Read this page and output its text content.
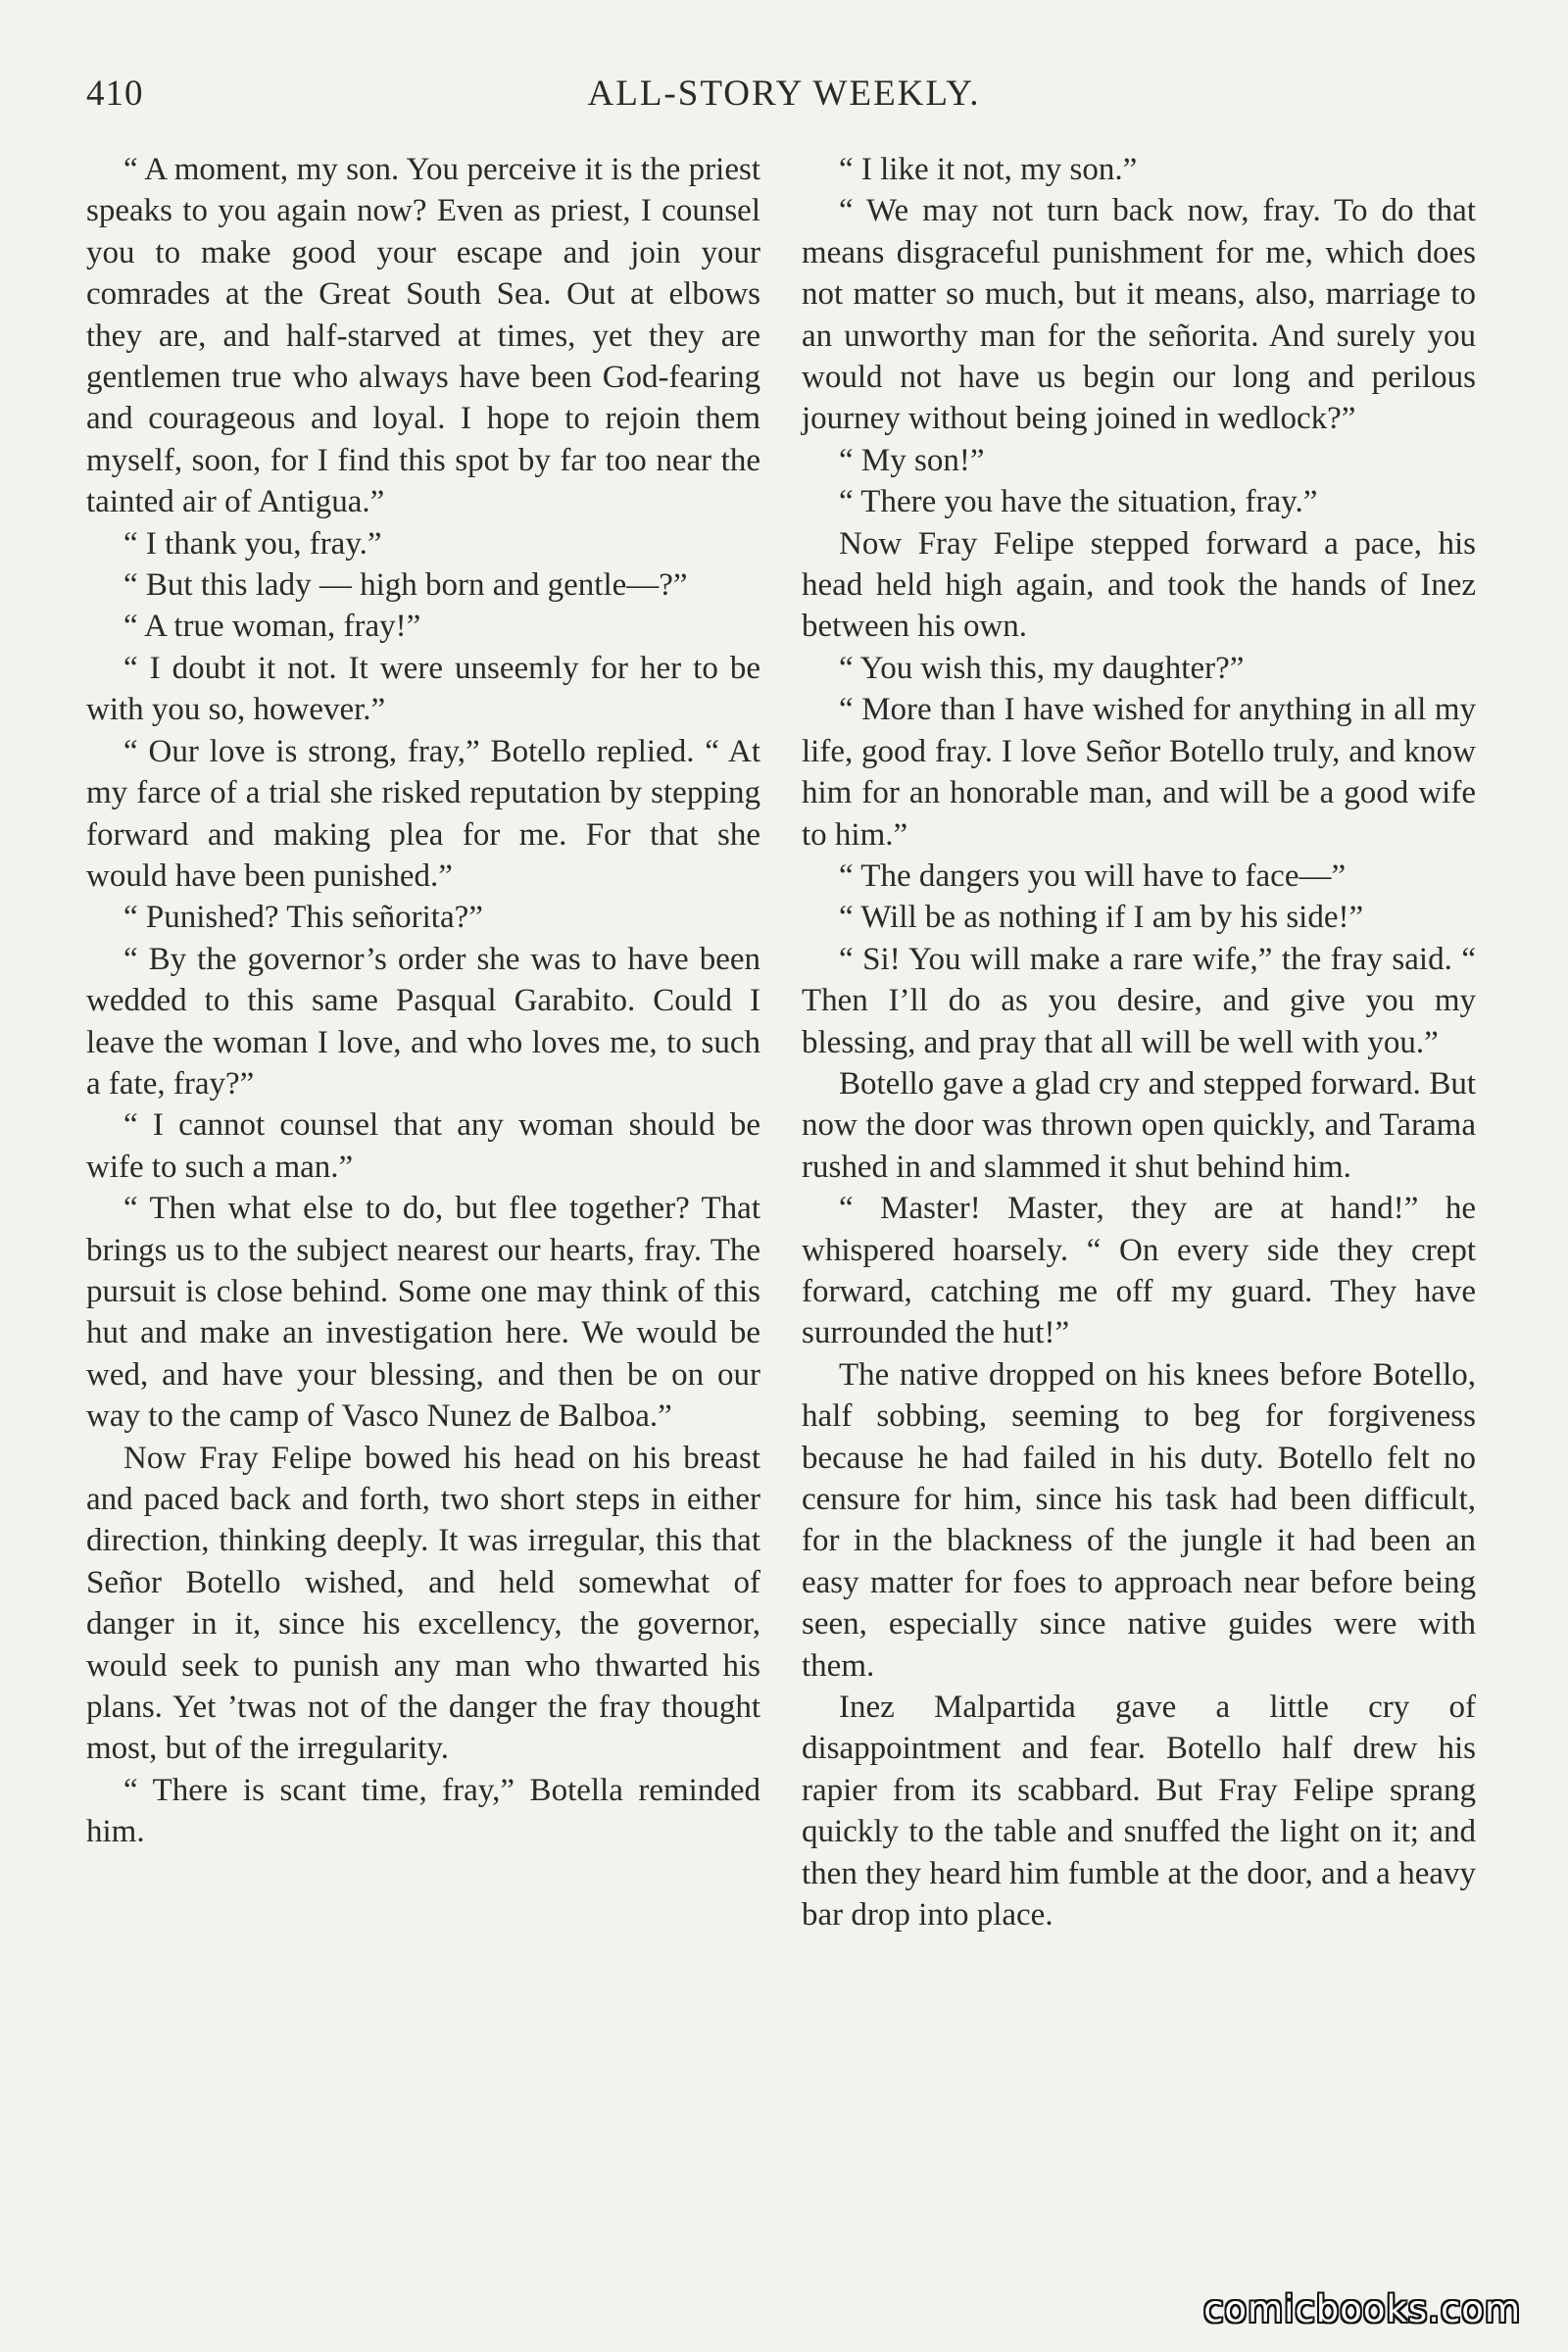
410	ALL-STORY WEEKLY.

“ A moment, my son. You perceive it is the priest speaks to you again now? Even as priest, I counsel you to make good your escape and join your comrades at the Great South Sea. Out at elbows they are, and half-starved at times, yet they are gentlemen true who always have been God-fearing and courageous and loyal. I hope to rejoin them myself, soon, for I find this spot by far too near the tainted air of Antigua.”

“ I thank you, fray.”

“ But this lady — high born and gentle—?”

“ A true woman, fray!”

“ I doubt it not. It were unseemly for her to be with you so, however.”

“ Our love is strong, fray,” Botello replied. “ At my farce of a trial she risked reputation by stepping forward and making plea for me. For that she would have been punished.”

“ Punished? This señorita?”

“ By the governor’s order she was to have been wedded to this same Pasqual Garabito. Could I leave the woman I love, and who loves me, to such a fate, fray?”

“ I cannot counsel that any woman should be wife to such a man.”

“ Then what else to do, but flee together? That brings us to the subject nearest our hearts, fray. The pursuit is close behind. Some one may think of this hut and make an investigation here. We would be wed, and have your blessing, and then be on our way to the camp of Vasco Nunez de Balboa.”

Now Fray Felipe bowed his head on his breast and paced back and forth, two short steps in either direction, thinking deeply. It was irregular, this that Señor Botello wished, and held somewhat of danger in it, since his excellency, the governor, would seek to punish any man who thwarted his plans. Yet ’twas not of the danger the fray thought most, but of the irregularity.

“ There is scant time, fray,” Botella reminded him.

“ I like it not, my son.”

“ We may not turn back now, fray. To do that means disgraceful punishment for me, which does not matter so much, but it means, also, marriage to an unworthy man for the señorita. And surely you would not have us begin our long and perilous journey without being joined in wedlock?”

“ My son!”

“ There you have the situation, fray.”

Now Fray Felipe stepped forward a pace, his head held high again, and took the hands of Inez between his own.

“ You wish this, my daughter?”

“ More than I have wished for anything in all my life, good fray. I love Señor Botello truly, and know him for an honorable man, and will be a good wife to him.”

“ The dangers you will have to face—”

“ Will be as nothing if I am by his side!”

“ Si! You will make a rare wife,” the fray said. “ Then I’ll do as you desire, and give you my blessing, and pray that all will be well with you.”

Botello gave a glad cry and stepped forward. But now the door was thrown open quickly, and Tarama rushed in and slammed it shut behind him.

“ Master! Master, they are at hand!” he whispered hoarsely. “ On every side they crept forward, catching me off my guard. They have surrounded the hut!”

The native dropped on his knees before Botello, half sobbing, seeming to beg for forgiveness because he had failed in his duty. Botello felt no censure for him, since his task had been difficult, for in the blackness of the jungle it had been an easy matter for foes to approach near before being seen, especially since native guides were with them.

Inez Malpartida gave a little cry of disappointment and fear. Botello half drew his rapier from its scabbard. But Fray Felipe sprang quickly to the table and snuffed the light on it; and then they heard him fumble at the door, and a heavy bar drop into place.

comicbooks.com
